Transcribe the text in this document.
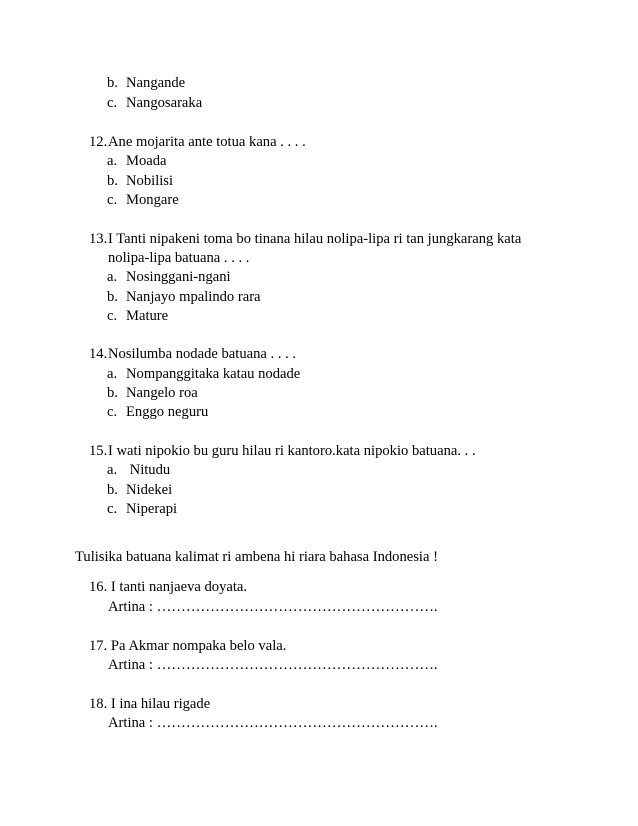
b. Nangande
c. Nangosaraka
12.Ane mojarita ante totua kana . . . .
a. Moada
b. Nobilisi
c. Mongare
13.I Tanti nipakeni toma bo tinana hilau nolipa-lipa ri tan jungkarang kata
nolipa-lipa batuana . . . .
a. Nosinggani-ngani
b. Nanjayo mpalindo rara
c. Mature
14.Nosilumba nodade batuana . . . .
a. Nompanggitaka katau nodade
b. Nangelo roa
c. Enggo neguru
15.I wati nipokio bu guru hilau ri kantoro.kata nipokio batuana. . .
a. Nitudu
b. Nidekei
c. Niperapi
Tulisika batuana kalimat ri ambena hi riara bahasa Indonesia !
16. I tanti nanjaeva doyata.
Artina : ………………………………………………….
17. Pa Akmar nompaka belo vala.
Artina : ………………………………………………….
18. I ina hilau rigade
Artina : ………………………………………………….
